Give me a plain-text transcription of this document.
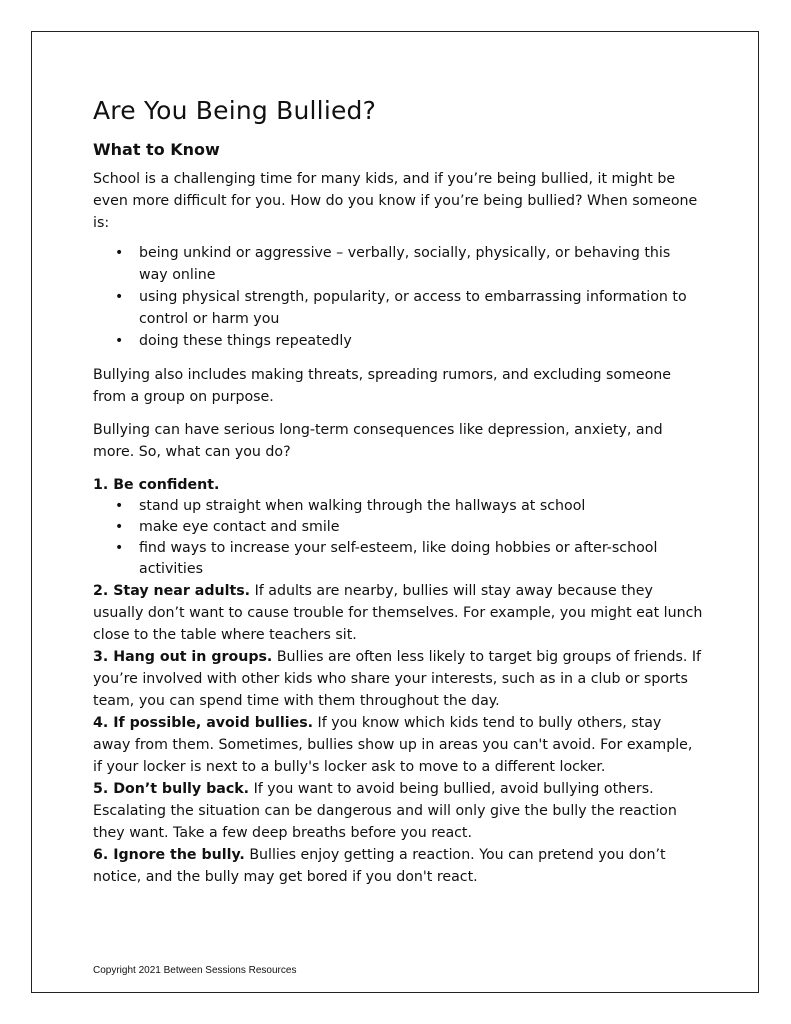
Are You Being Bullied?
What to Know

School is a challenging time for many kids, and if you’re being bullied, it might be even more difficult for you. How do you know if you’re being bullied? When someone is:

• being unkind or aggressive – verbally, socially, physically, or behaving this way online
• using physical strength, popularity, or access to embarrassing information to control or harm you
• doing these things repeatedly

Bullying also includes making threats, spreading rumors, and excluding someone from a group on purpose.

Bullying can have serious long-term consequences like depression, anxiety, and more. So, what can you do?

1. Be confident.

• stand up straight when walking through the hallways at school
• make eye contact and smile
• find ways to increase your self-esteem, like doing hobbies or after-school activities

2. Stay near adults. If adults are nearby, bullies will stay away because they usually don’t want to cause trouble for themselves. For example, you might eat lunch close to the table where teachers sit.

3. Hang out in groups. Bullies are often less likely to target big groups of friends. If you’re involved with other kids who share your interests, such as in a club or sports team, you can spend time with them throughout the day.

4. If possible, avoid bullies. If you know which kids tend to bully others, stay away from them. Sometimes, bullies show up in areas you can't avoid. For example, if your locker is next to a bully's locker ask to move to a different locker.

5. Don’t bully back. If you want to avoid being bullied, avoid bullying others. Escalating the situation can be dangerous and will only give the bully the reaction they want. Take a few deep breaths before you react.

6. Ignore the bully. Bullies enjoy getting a reaction. You can pretend you don’t notice, and the bully may get bored if you don't react.

Copyright 2021 Between Sessions Resources
